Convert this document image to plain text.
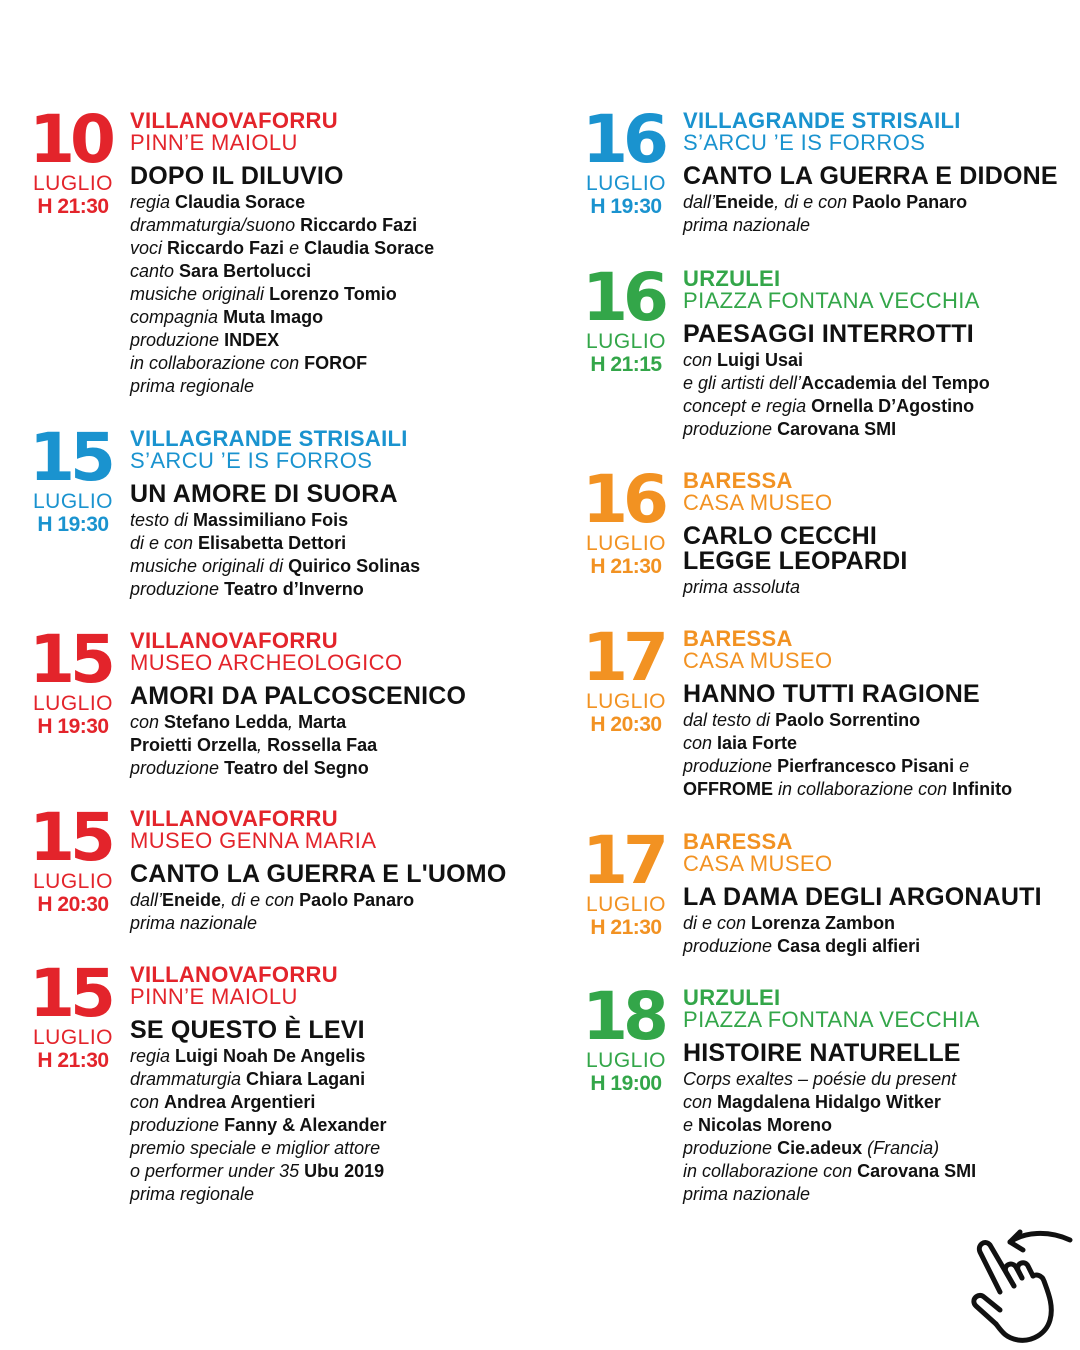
10
LUGLIO
H 21:30
VILLANOVAFORRU
PINN’E MAIOLU
DOPO IL DILUVIO
regia Claudia Sorace
drammaturgia/suono Riccardo Fazi
voci Riccardo Fazi e Claudia Sorace
canto Sara Bertolucci
musiche originali Lorenzo Tomio
compagnia Muta Imago
produzione INDEX
in collaborazione con FOROF
prima regionale
15
LUGLIO
H 19:30
VILLAGRANDE STRISAILI
S’ARCU ’E IS FORROS
UN AMORE DI SUORA
testo di Massimiliano Fois
di e con Elisabetta Dettori
musiche originali di Quirico Solinas
produzione Teatro d’Inverno
15
LUGLIO
H 19:30
VILLANOVAFORRU
MUSEO ARCHEOLOGICO
AMORI DA PALCOSCENICO
con Stefano Ledda, Marta
Proietti Orzella, Rossella Faa
produzione Teatro del Segno
15
LUGLIO
H 20:30
VILLANOVAFORRU
MUSEO GENNA MARIA
CANTO LA GUERRA E L'UOMO
dall’Eneide, di e con Paolo Panaro
prima nazionale
15
LUGLIO
H 21:30
VILLANOVAFORRU
PINN’E MAIOLU
SE QUESTO È LEVI
regia Luigi Noah De Angelis
drammaturgia Chiara Lagani
con Andrea Argentieri
produzione Fanny & Alexander
premio speciale e miglior attore
o performer under 35 Ubu 2019
prima regionale
16
LUGLIO
H 19:30
VILLAGRANDE STRISAILI
S’ARCU ’E IS FORROS
CANTO LA GUERRA E DIDONE
dall’Eneide, di e con Paolo Panaro
prima nazionale
16
LUGLIO
H 21:15
URZULEI
PIAZZA FONTANA VECCHIA
PAESAGGI INTERROTTI
con Luigi Usai
e gli artisti dell’Accademia del Tempo
concept e regia Ornella D’Agostino
produzione Carovana SMI
16
LUGLIO
H 21:30
BARESSA
CASA MUSEO
CARLO CECCHI
LEGGE LEOPARDI
prima assoluta
17
LUGLIO
H 20:30
BARESSA
CASA MUSEO
HANNO TUTTI RAGIONE
dal testo di Paolo Sorrentino
con Iaia Forte
produzione Pierfrancesco Pisani e
OFFROME in collaborazione con Infinito
17
LUGLIO
H 21:30
BARESSA
CASA MUSEO
LA DAMA DEGLI ARGONAUTI
di e con Lorenza Zambon
produzione Casa degli alfieri
18
LUGLIO
H 19:00
URZULEI
PIAZZA FONTANA VECCHIA
HISTOIRE NATURELLE
Corps exaltes – poésie du present
con Magdalena Hidalgo Witker
e Nicolas Moreno
produzione Cie.adeux (Francia)
in collaborazione con Carovana SMI
prima nazionale
